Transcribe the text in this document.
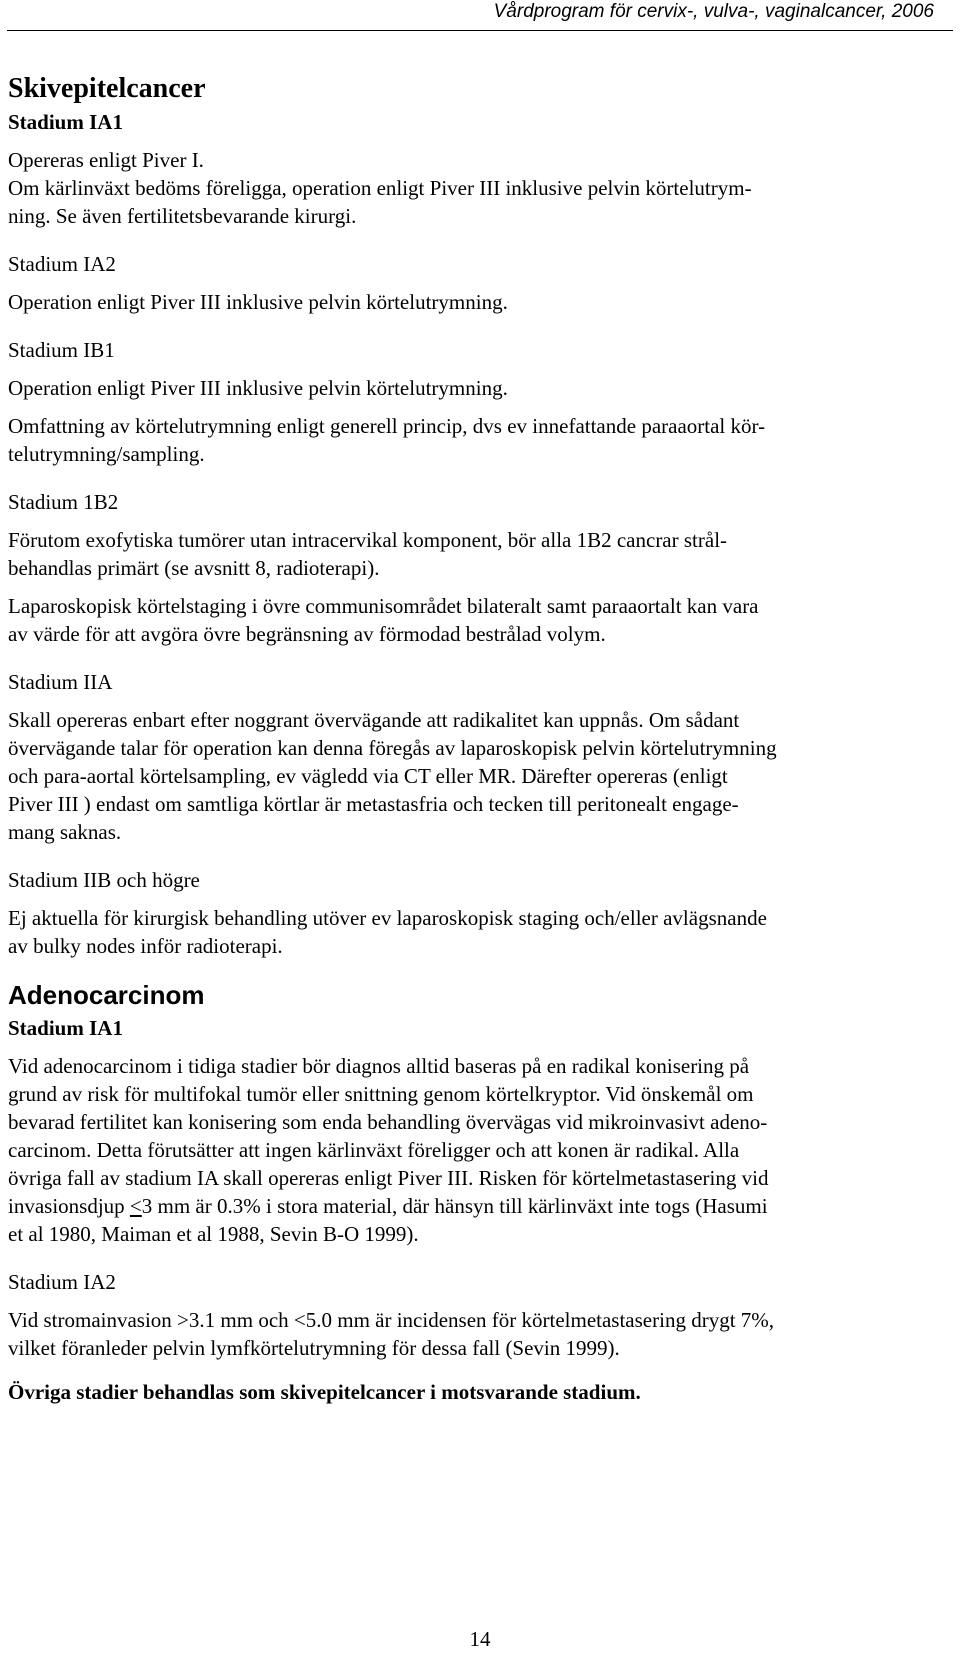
Vårdprogram för cervix-, vulva-, vaginalcancer, 2006
Skivepitelcancer
Stadium IA1
Opereras enligt Piver I.
Om kärlinväxt bedöms föreligga, operation enligt Piver III inklusive pelvin körtelutrym-
ning. Se även fertilitetsbevarande kirurgi.
Stadium IA2
Operation enligt Piver III inklusive pelvin körtelutrymning.
Stadium IB1
Operation enligt Piver III inklusive pelvin körtelutrymning.
Omfattning av körtelutrymning enligt generell princip, dvs ev innefattande paraaortal kör-
telutrymning/sampling.
Stadium 1B2
Förutom exofytiska tumörer utan intracervikal komponent, bör alla 1B2 cancrar strål-
behandlas primärt (se avsnitt 8, radioterapi).
Laparoskopisk körtelstaging i övre communisområdet bilateralt samt paraaortalt kan vara
av värde för att avgöra övre begränsning av förmodad bestrålad volym.
Stadium IIA
Skall opereras enbart efter noggrant övervägande att radikalitet kan uppnås. Om sådant
övervägande talar för operation kan denna föregås av laparoskopisk pelvin körtelutrymning
och para-aortal körtelsampling, ev vägledd via CT eller MR. Därefter opereras (enligt
Piver III ) endast om samtliga körtlar är metastasfria och tecken till peritonealt engage-
mang saknas.
Stadium IIB och högre
Ej aktuella för kirurgisk behandling utöver ev laparoskopisk staging och/eller avlägsnande
av bulky nodes inför radioterapi.
Adenocarcinom
Stadium IA1
Vid adenocarcinom i tidiga stadier bör diagnos alltid baseras på en radikal konisering på
grund av risk för multifokal tumör eller snittning genom körtelkryptor. Vid önskemål om
bevarad fertilitet kan konisering som enda behandling övervägas vid mikroinvasivt adeno-
carcinom. Detta förutsätter att ingen kärlinväxt föreligger och att konen är radikal. Alla
övriga fall av stadium IA skall opereras enligt Piver III. Risken för körtelmetastasering vid
invasionsdjup ≤3 mm är 0.3% i stora material, där hänsyn till kärlinväxt inte togs (Hasumi
et al 1980, Maiman et al 1988, Sevin B-O 1999).
Stadium IA2
Vid stromainvasion >3.1 mm och <5.0 mm är incidensen för körtelmetastasering drygt 7%,
vilket föranleder pelvin lymfkörtelutrymning för dessa fall (Sevin 1999).
Övriga stadier behandlas som skivepitelcancer i motsvarande stadium.
14
